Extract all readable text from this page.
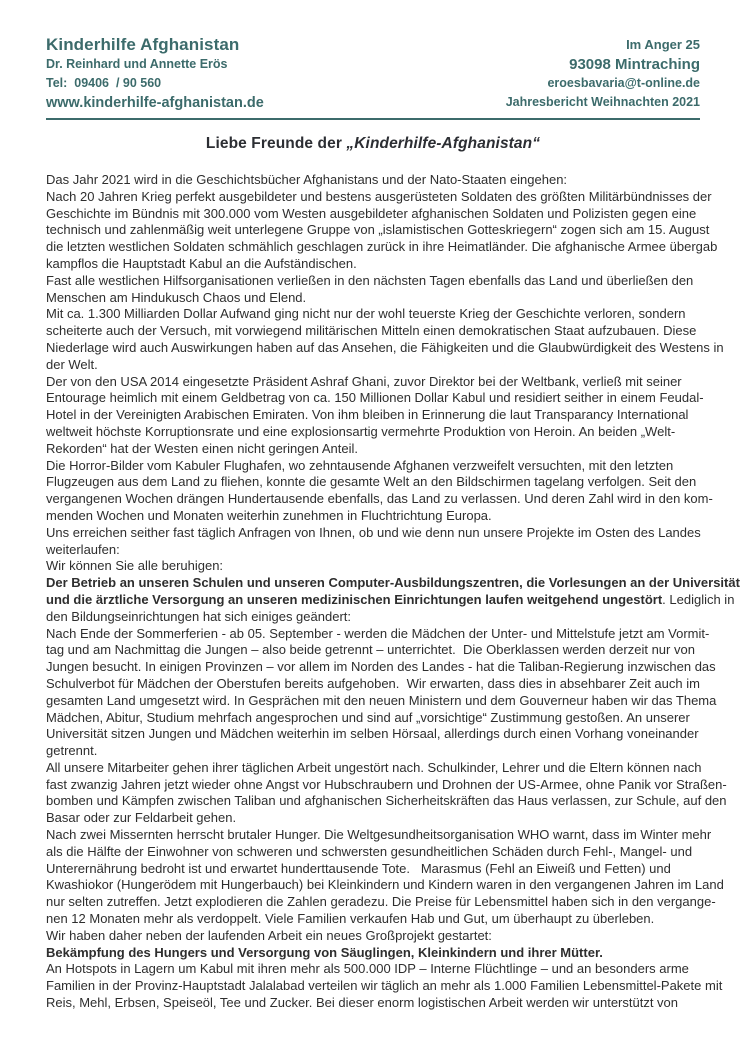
Kinderhilfe Afghanistan
Dr. Reinhard und Annette Erös
Tel:  09406  / 90 560
www.kinderhilfe-afghanistan.de
Im Anger 25
93098 Mintraching
eroesbavaria@t-online.de
Jahresbericht Weihnachten 2021
Liebe Freunde der „Kinderhilfe-Afghanistan“
Das Jahr 2021 wird in die Geschichtsbücher Afghanistans und der Nato-Staaten eingehen:
Nach 20 Jahren Krieg perfekt ausgebildeter und bestens ausgerüsteten Soldaten des größten Militärbündnisses der
Geschichte im Bündnis mit 300.000 vom Westen ausgebildeter afghanischen Soldaten und Polizisten gegen eine
technisch und zahlenmäßig weit unterlegene Gruppe von „islamistischen Gotteskriegern“ zogen sich am 15. August
die letzten westlichen Soldaten schmählich geschlagen zurück in ihre Heimatländer. Die afghanische Armee übergab
kampflos die Hauptstadt Kabul an die Aufständischen.
Fast alle westlichen Hilfsorganisationen verließen in den nächsten Tagen ebenfalls das Land und überließen den
Menschen am Hindukusch Chaos und Elend.
Mit ca. 1.300 Milliarden Dollar Aufwand ging nicht nur der wohl teuerste Krieg der Geschichte verloren, sondern
scheiterte auch der Versuch, mit vorwiegend militärischen Mitteln einen demokratischen Staat aufzubauen. Diese
Niederlage wird auch Auswirkungen haben auf das Ansehen, die Fähigkeiten und die Glaubwürdigkeit des Westens in
der Welt.
Der von den USA 2014 eingesetzte Präsident Ashraf Ghani, zuvor Direktor bei der Weltbank, verließ mit seiner
Entourage heimlich mit einem Geldbetrag von ca. 150 Millionen Dollar Kabul und residiert seither in einem Feudal-
Hotel in der Vereinigten Arabischen Emiraten. Von ihm bleiben in Erinnerung die laut Transparancy International
weltweit höchste Korruptionsrate und eine explosionsartig vermehrte Produktion von Heroin. An beiden „Welt-
Rekorden“ hat der Westen einen nicht geringen Anteil.
Die Horror-Bilder vom Kabuler Flughafen, wo zehntausende Afghanen verzweifelt versuchten, mit den letzten
Flugzeugen aus dem Land zu fliehen, konnte die gesamte Welt an den Bildschirmen tagelang verfolgen. Seit den
vergangenen Wochen drängen Hundertausende ebenfalls, das Land zu verlassen. Und deren Zahl wird in den kom-
menden Wochen und Monaten weiterhin zunehmen in Fluchtrichtung Europa.
Uns erreichen seither fast täglich Anfragen von Ihnen, ob und wie denn nun unsere Projekte im Osten des Landes
weiterlaufen:
Wir können Sie alle beruhigen:
Der Betrieb an unseren Schulen und unseren Computer-Ausbildungszentren, die Vorlesungen an der Universität
und die ärztliche Versorgung an unseren medizinischen Einrichtungen laufen weitgehend ungestört. Lediglich in
den Bildungseinrichtungen hat sich einiges geändert:
Nach Ende der Sommerferien - ab 05. September - werden die Mädchen der Unter- und Mittelstufe jetzt am Vormit-
tag und am Nachmittag die Jungen – also beide getrennt – unterrichtet.  Die Oberklassen werden derzeit nur von
Jungen besucht. In einigen Provinzen – vor allem im Norden des Landes - hat die Taliban-Regierung inzwischen das
Schulverbot für Mädchen der Oberstufen bereits aufgehoben.  Wir erwarten, dass dies in absehbarer Zeit auch im
gesamten Land umgesetzt wird. In Gesprächen mit den neuen Ministern und dem Gouverneur haben wir das Thema
Mädchen, Abitur, Studium mehrfach angesprochen und sind auf „vorsichtige“ Zustimmung gestoßen. An unserer
Universität sitzen Jungen und Mädchen weiterhin im selben Hörsaal, allerdings durch einen Vorhang voneinander
getrennt.
All unsere Mitarbeiter gehen ihrer täglichen Arbeit ungestört nach. Schulkinder, Lehrer und die Eltern können nach
fast zwanzig Jahren jetzt wieder ohne Angst vor Hubschraubern und Drohnen der US-Armee, ohne Panik vor Straßen-
bomben und Kämpfen zwischen Taliban und afghanischen Sicherheitskräften das Haus verlassen, zur Schule, auf den
Basar oder zur Feldarbeit gehen.
Nach zwei Missernten herrscht brutaler Hunger. Die Weltgesundheitsorganisation WHO warnt, dass im Winter mehr
als die Hälfte der Einwohner von schweren und schwersten gesundheitlichen Schäden durch Fehl-, Mangel- und
Unterernährung bedroht ist und erwartet hunderttausende Tote.   Marasmus (Fehl an Eiweiß und Fetten) und
Kwashiokor (Hungerödem mit Hungerbauch) bei Kleinkindern und Kindern waren in den vergangenen Jahren im Land
nur selten zutreffen. Jetzt explodieren die Zahlen geradezu. Die Preise für Lebensmittel haben sich in den vergange-
nen 12 Monaten mehr als verdoppelt. Viele Familien verkaufen Hab und Gut, um überhaupt zu überleben.
Wir haben daher neben der laufenden Arbeit ein neues Großprojekt gestartet:
Bekämpfung des Hungers und Versorgung von Säuglingen, Kleinkindern und ihrer Mütter.
An Hotspots in Lagern um Kabul mit ihren mehr als 500.000 IDP – Interne Flüchtlinge – und an besonders arme
Familien in der Provinz-Hauptstadt Jalalabad verteilen wir täglich an mehr als 1.000 Familien Lebensmittel-Pakete mit
Reis, Mehl, Erbsen, Speiseöl, Tee und Zucker. Bei dieser enorm logistischen Arbeit werden wir unterstützt von
